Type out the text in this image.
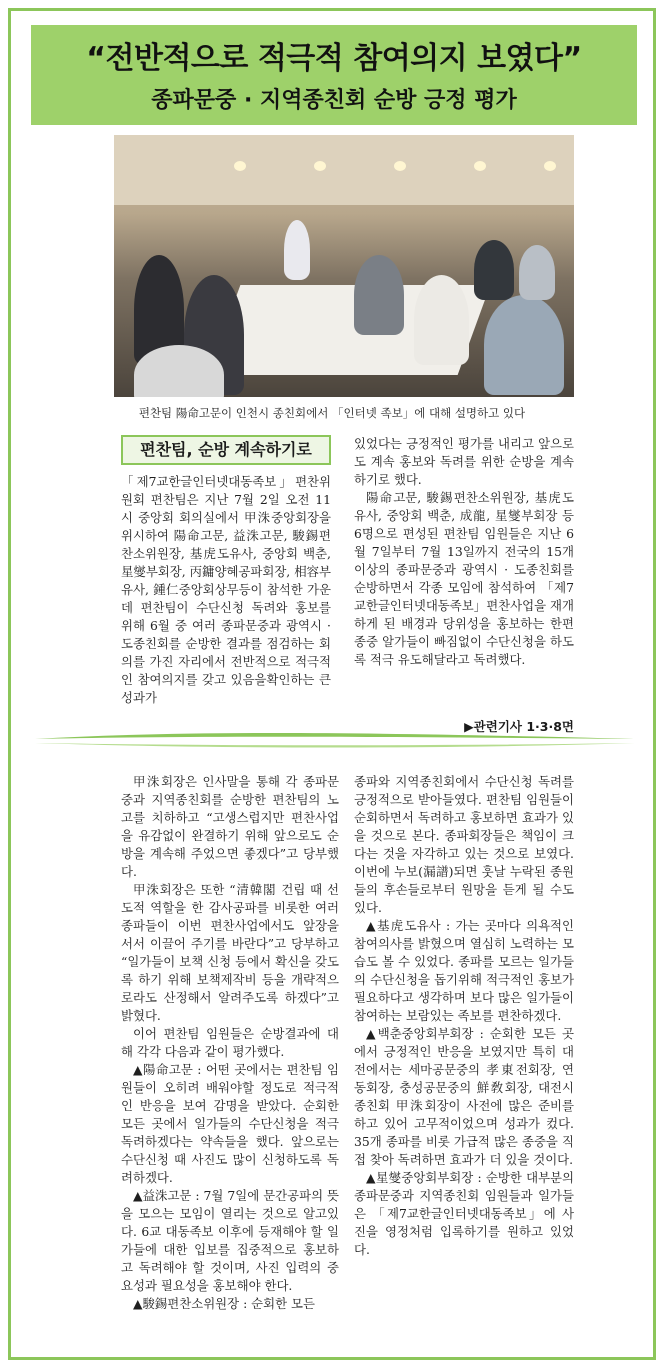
“전반적으로 적극적 참여의지 보였다”
종파문중 · 지역종친회 순방 긍정 평가
편찬팀 陽命고문이 인천시 종친회에서 「인터넷 족보」에 대해 설명하고 있다
편찬팀, 순방 계속하기로

「제7교한글인터넷대동족보」편찬위원회 편찬팀은 지난 7월 2일 오전 11시 중앙회 회의실에서 甲洙중앙회장을 위시하여 陽命고문, 益洙고문, 駿錫편찬소위원장, 基虎도유사, 중앙회 백춘, 星燮부회장, 丙鏞양혜공파회장, 相容부유사, 鍾仁중앙회상무등이 참석한 가운데 편찬팀이 수단신청 독려와 홍보를 위해 6월 중 여러 종파문중과 광역시 · 도종친회를 순방한 결과를 점검하는 회의를 가진 자리에서 전반적으로 적극적인 참여의지를 갖고 있음을확인하는 큰 성과가

있었다는 긍정적인 평가를 내리고 앞으로도 계속 홍보와 독려를 위한 순방을 계속하기로 했다.

陽命고문, 駿錫편찬소위원장, 基虎도유사, 중앙회 백춘, 成龍, 星燮부회장 등 6명으로 편성된 편찬팀 임원들은 지난 6월 7일부터 7월 13일까지 전국의 15개 이상의 종파문중과 광역시 · 도종친회를 순방하면서 각종 모임에 참석하여 「제7교한글인터넷대동족보」편찬사업을 재개하게 된 배경과 당위성을 홍보하는 한편 종중 알가들이 빠짐없이 수단신청을 하도록 적극 유도해달라고 독려했다.

▶관련기사 1·3·8면

甲洙회장은 인사말을 통해 각 종파문중과 지역종친회를 순방한 편찬팀의 노고를 치하하고 “고생스럽지만 편찬사업을 유감없이 완결하기 위해 앞으로도 순방을 계속해 주었으면 좋겠다”고 당부했다.

甲洙회장은 또한 “清韓閣 건립 때 선도적 역할을 한 감사공파를 비롯한 여러 종파들이 이번 편찬사업에서도 앞장을 서서 이끌어 주기를 바란다”고 당부하고 “일가들이 보책 신청 등에서 확신을 갖도록 하기 위해 보책제작비 등을 개략적으로라도 산정해서 알려주도록 하겠다”고 밝혔다.

이어 편찬팀 임원들은 순방결과에 대해 각각 다음과 같이 평가했다.

▲陽命고문 : 어떤 곳에서는 편찬팀 임원들이 오히려 배워야할 정도로 적극적인 반응을 보여 감명을 받았다. 순회한 모든 곳에서 일가들의 수단신청을 적극 독려하겠다는 약속들을 했다. 앞으로는 수단신청 때 사진도 많이 신청하도록 독려하겠다.

▲益洙고문 : 7월 7일에 문간공파의 뜻을 모으는 모임이 열리는 것으로 알고있다. 6교 대동족보 이후에 등재해야 할 일가들에 대한 입보를 집중적으로 홍보하고 독려해야 할 것이며, 사진 입력의 중요성과 필요성을 홍보해야 한다.

▲駿錫편찬소위원장 : 순회한 모든

종파와 지역종친회에서 수단신청 독려를 긍정적으로 받아들였다. 편찬팀 임원들이 순회하면서 독려하고 홍보하면 효과가 있을 것으로 본다. 종파회장들은 책임이 크다는 것을 자각하고 있는 것으로 보였다. 이번에 누보(漏譜)되면 훗날 누락된 종원들의 후손들로부터 원망을 듣게 될 수도 있다.

▲基虎도유사 : 가는 곳마다 의욕적인 참여의사를 밝혔으며 열심히 노력하는 모습도 볼 수 있었다. 종파를 모르는 일가들의 수단신청을 돕기위해 적극적인 홍보가 필요하다고 생각하며 보다 많은 일가들이 참여하는 보람있는 족보를 편찬하겠다.

▲백춘중앙회부회장 : 순회한 모든 곳에서 긍정적인 반응을 보였지만 특히 대전에서는 세마공문중의 孝東전회장, 연동회장, 충성공문중의 鮮敎회장, 대전시종친회 甲洙회장이 사전에 많은 준비를 하고 있어 고무적이었으며 성과가 컸다. 35개 종파를 비롯 가급적 많은 종중을 직접 찾아 독려하면 효과가 더 있을 것이다.

▲星燮중앙회부회장 : 순방한 대부분의 종파문중과 지역종친회 임원들과 일가들은 「제7교한글인터넷대동족보」에 사진을 영정처럼 입록하기를 원하고 있었다.
